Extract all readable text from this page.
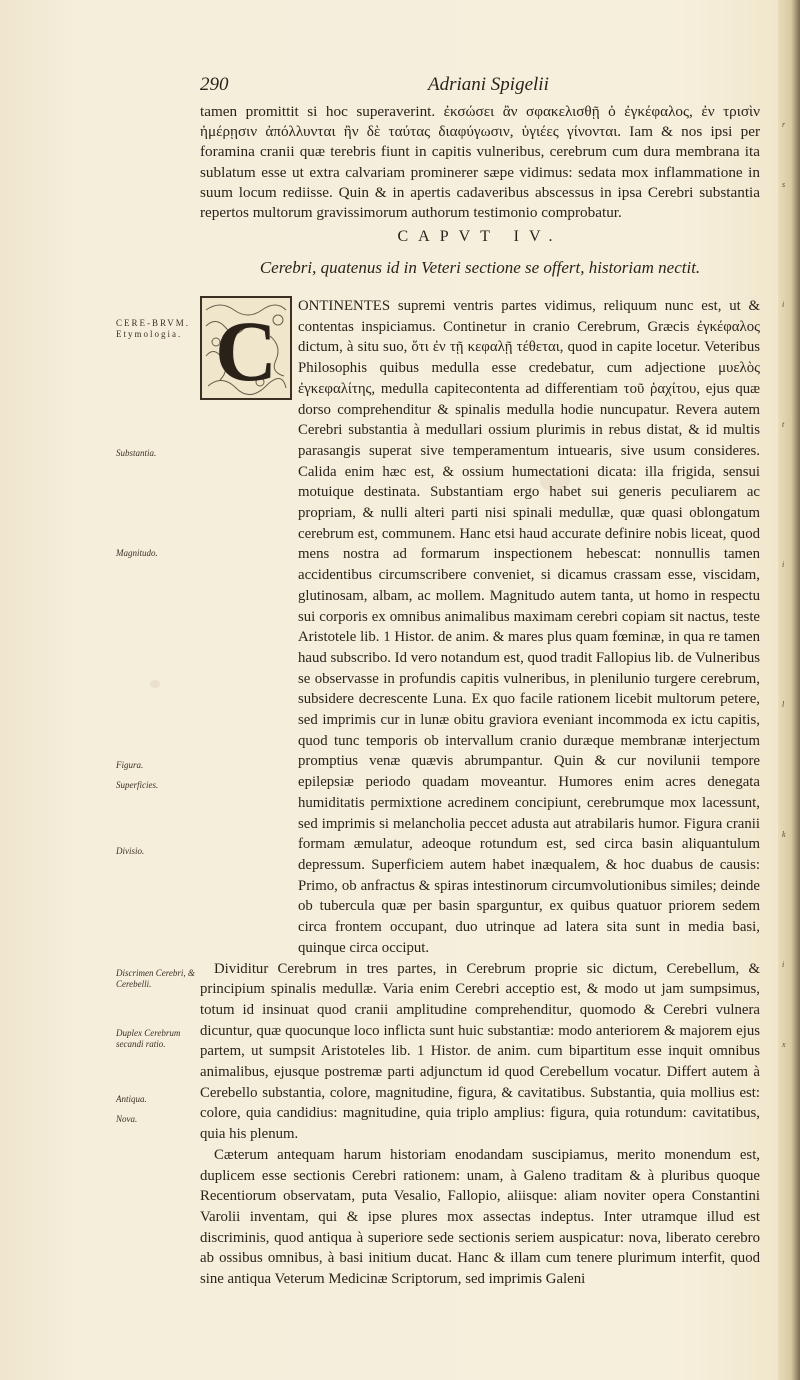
r
s
i
t
i
l
k
i
x
290	Adriani Spigelii

tamen promittit si hoc superaverint. ἐκσώσει ἂν σφακελισθῇ ὁ ἐγκέφαλος, ἐν τρισὶν ἡμέρῃσιν ἀπόλλυνται ἢν δὲ ταύτας διαφύγωσιν, ὑγιέες γίνονται. Iam & nos ipsi per foramina cranii quæ terebris fiunt in capitis vulneribus, cerebrum cum dura membrana ita sublatum esse ut extra calvariam prominerer sæpe vidimus: sedata mox inflammatione in suum locum rediisse. Quin & in apertis cadaveribus abscessus in ipsa Cerebri substantia repertos multorum gravissimorum authorum testimonio comprobatur.

CAPVT IV.
Cerebri, quatenus id in Veteri sectione se offert, historiam nectit.
C	ONTINENTES supremi ventris partes vidimus, reliquum nunc est, ut & contentas inspiciamus. Continetur in cranio Cerebrum, Græcis ἐγκέφαλος dictum, à situ suo, ὅτι ἐν τῇ κεφαλῇ τέθεται, quod in capite locetur. Veteribus Philosophis quibus medulla esse credebatur, cum adjectione μυελὸς ἐγκεφαλίτης, medulla capitecontenta ad differentiam τοῦ ῥαχίτου, ejus quæ dorso comprehenditur & spinalis medulla hodie nuncupatur. Revera autem Cerebri substantia à medullari ossium plurimis in rebus distat, & id multis parasangis superat sive temperamentum intuearis, sive usum consideres. Calida enim hæc est, & ossium humectationi dicata: illa frigida, sensui motuique destinata. Substantiam ergo habet sui generis peculiarem ac propriam, & nulli alteri parti nisi spinali medullæ, quæ quasi oblongatum cerebrum est, communem. Hanc etsi haud accurate definire nobis liceat, quod mens nostra ad formarum inspectionem hebescat: nonnullis tamen accidentibus circumscribere conveniet, si dicamus crassam esse, viscidam, glutinosam, albam, ac mollem. Magnitudo autem tanta, ut homo in respectu sui corporis ex omnibus animalibus maximam cerebri copiam sit nactus, teste Aristotele lib. 1 Histor. de anim. & mares plus quam fœminæ, in qua re tamen haud subscribo. Id vero notandum est, quod tradit Fallopius lib. de Vulneribus se observasse in profundis capitis vulneribus, in plenilunio turgere cerebrum, subsidere decrescente Luna. Ex quo facile rationem licebit multorum petere, sed imprimis cur in lunæ obitu graviora eveniant incommoda ex ictu capitis, quod tunc temporis ob intervallum cranio duræque membranæ interjectum promptius venæ quævis abrumpantur. Quin & cur novilunii tempore epilepsiæ periodo quadam moveantur. Humores enim acres denegata humiditatis permixtione acredinem concipiunt, cerebrumque mox lacessunt, sed imprimis si melancholia peccet adusta aut atrabilaris humor. Figura cranii formam æmulatur, adeoque rotundum est, sed circa basin aliquantulum depressum. Superficiem autem habet inæqualem, & hoc duabus de causis: Primo, ob anfractus & spiras intestinorum circumvolutionibus similes; deinde ob tubercula quæ per basin sparguntur, ex quibus quatuor priorem sedem circa frontem occupant, duo utrinque ad latera sita sunt in media basi, quinque circa occiput.

Dividitur Cerebrum in tres partes, in Cerebrum proprie sic dictum, Cerebellum, & principium spinalis medullæ. Varia enim Cerebri acceptio est, & modo ut jam sumpsimus, totum id insinuat quod cranii amplitudine comprehenditur, quomodo & Cerebri vulnera dicuntur, quæ quocunque loco inflicta sunt huic substantiæ: modo anteriorem & majorem ejus partem, ut sumpsit Aristoteles lib. 1 Histor. de anim. cum bipartitum esse inquit omnibus animalibus, ejusque postremæ parti adjunctum id quod Cerebellum vocatur. Differt autem à Cerebello substantia, colore, magnitudine, figura, & cavitatibus. Substantia, quia mollius est: colore, quia candidius: magnitudine, quia triplo amplius: figura, quia rotundum: cavitatibus, quia his plenum.

Cæterum antequam harum historiam enodandam suscipiamus, merito monendum est, duplicem esse sectionis Cerebri rationem: unam, à Galeno traditam & à pluribus quoque Recentiorum observatam, puta Vesalio, Fallopio, aliisque: aliam noviter opera Constantini Varolii inventam, qui & ipse plures mox assectas indeptus. Inter utramque illud est discriminis, quod antiqua à superiore sede sectionis seriem auspicatur: nova, liberato cerebro ab ossibus omnibus, à basi initium ducat. Hanc & illam cum tenere plurimum interfit, quod sine antiqua Veterum Medicinæ Scriptorum, sed imprimis Galeni

CERE-BRVM. Etymologia.
Substantia.
Magnitudo.
Figura.
Superficies.
Divisio.
Discrimen Cerebri, & Cerebelli.
Duplex Cerebrum secandi ratio.
Antiqua.
Nova.
